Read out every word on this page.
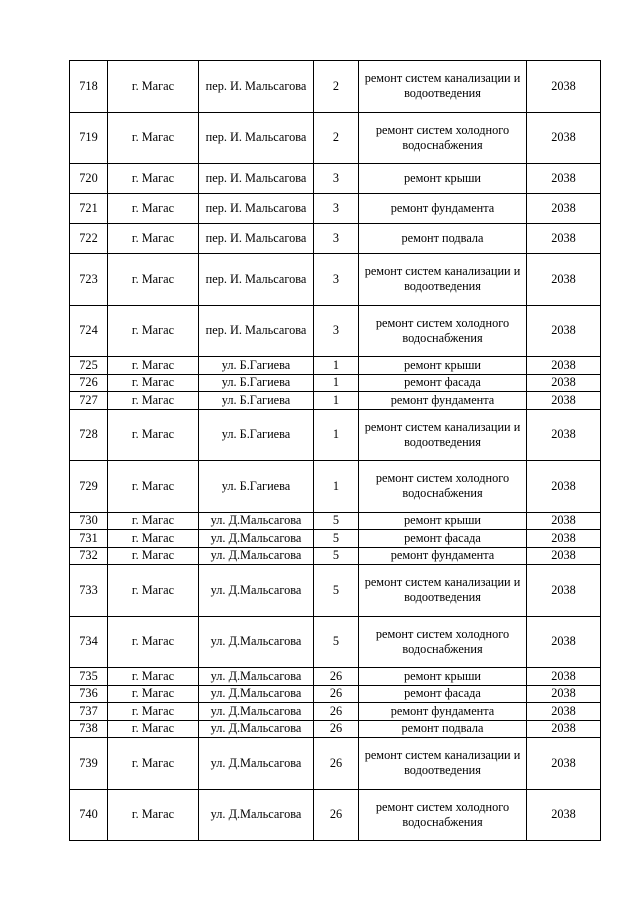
718	г. Магас	пер. И. Мальсагова	2	ремонт систем канализации и водоотведения	2038
719	г. Магас	пер. И. Мальсагова	2	ремонт систем холодного водоснабжения	2038
720	г. Магас	пер. И. Мальсагова	3	ремонт крыши	2038
721	г. Магас	пер. И. Мальсагова	3	ремонт фундамента	2038
722	г. Магас	пер. И. Мальсагова	3	ремонт подвала	2038
723	г. Магас	пер. И. Мальсагова	3	ремонт систем канализации и водоотведения	2038
724	г. Магас	пер. И. Мальсагова	3	ремонт систем холодного водоснабжения	2038
725	г. Магас	ул. Б.Гагиева	1	ремонт крыши	2038
726	г. Магас	ул. Б.Гагиева	1	ремонт фасада	2038
727	г. Магас	ул. Б.Гагиева	1	ремонт фундамента	2038
728	г. Магас	ул. Б.Гагиева	1	ремонт систем канализации и водоотведения	2038
729	г. Магас	ул. Б.Гагиева	1	ремонт систем холодного водоснабжения	2038
730	г. Магас	ул. Д.Мальсагова	5	ремонт крыши	2038
731	г. Магас	ул. Д.Мальсагова	5	ремонт фасада	2038
732	г. Магас	ул. Д.Мальсагова	5	ремонт фундамента	2038
733	г. Магас	ул. Д.Мальсагова	5	ремонт систем канализации и водоотведения	2038
734	г. Магас	ул. Д.Мальсагова	5	ремонт систем холодного водоснабжения	2038
735	г. Магас	ул. Д.Мальсагова	26	ремонт крыши	2038
736	г. Магас	ул. Д.Мальсагова	26	ремонт фасада	2038
737	г. Магас	ул. Д.Мальсагова	26	ремонт фундамента	2038
738	г. Магас	ул. Д.Мальсагова	26	ремонт подвала	2038
739	г. Магас	ул. Д.Мальсагова	26	ремонт систем канализации и водоотведения	2038
740	г. Магас	ул. Д.Мальсагова	26	ремонт систем холодного водоснабжения	2038
